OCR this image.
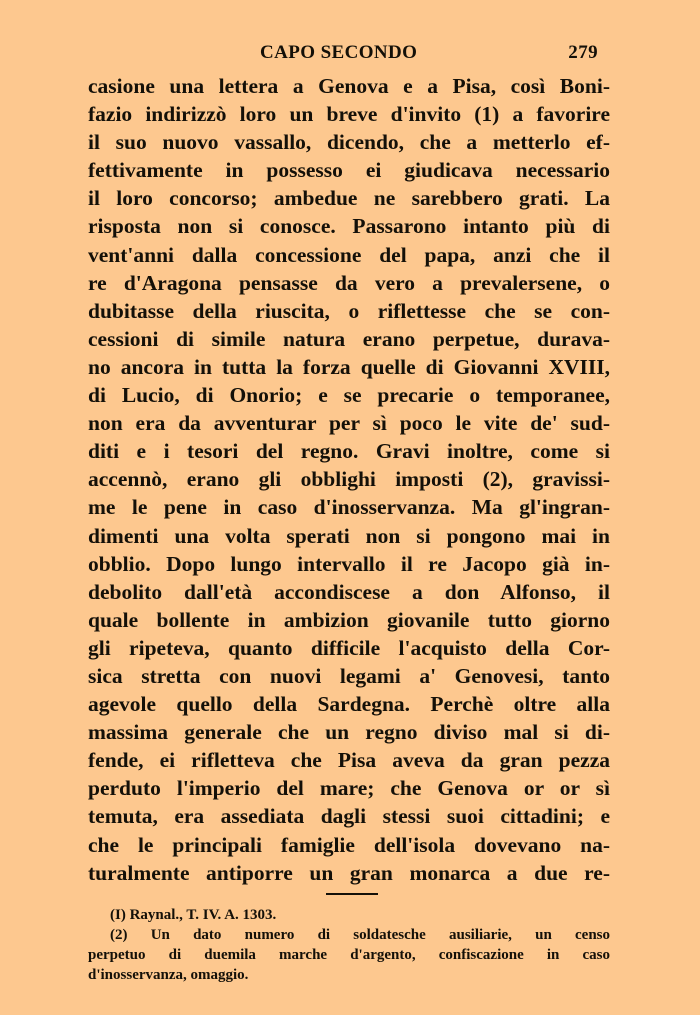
CAPO SECONDO	279
casione una lettera a Genova e a Pisa, così Boni-
fazio indirizzò loro un breve d'invito (1) a favorire
il suo nuovo vassallo, dicendo, che a metterlo ef-
fettivamente in possesso ei giudicava necessario
il loro concorso; ambedue ne sarebbero grati. La
risposta non si conosce. Passarono intanto più di
vent'anni dalla concessione del papa, anzi che il
re d'Aragona pensasse da vero a prevalersene, o
dubitasse della riuscita, o riflettesse che se con-
cessioni di simile natura erano perpetue, durava-
no ancora in tutta la forza quelle di Giovanni XVIII,
di Lucio, di Onorio; e se precarie o temporanee,
non era da avventurar per sì poco le vite de' sud-
diti e i tesori del regno. Gravi inoltre, come si
accennò, erano gli obblighi imposti (2), gravissi-
me le pene in caso d'inosservanza. Ma gl'ingran-
dimenti una volta sperati non si pongono mai in
obblio. Dopo lungo intervallo il re Jacopo già in-
debolito dall'età accondiscese a don Alfonso, il
quale bollente in ambizion giovanile tutto giorno
gli ripeteva, quanto difficile l'acquisto della Cor-
sica stretta con nuovi legami a' Genovesi, tanto
agevole quello della Sardegna. Perchè oltre alla
massima generale che un regno diviso mal si di-
fende, ei rifletteva che Pisa aveva da gran pezza
perduto l'imperio del mare; che Genova or or sì
temuta, era assediata dagli stessi suoi cittadini; e
che le principali famiglie dell'isola dovevano na-
turalmente antiporre un gran monarca a due re-
(I) Raynal., T. IV. A. 1303.
(2) Un dato numero di soldatesche ausiliarie, un censo
perpetuo di duemila marche d'argento, confiscazione in caso
d'inosservanza, omaggio.
